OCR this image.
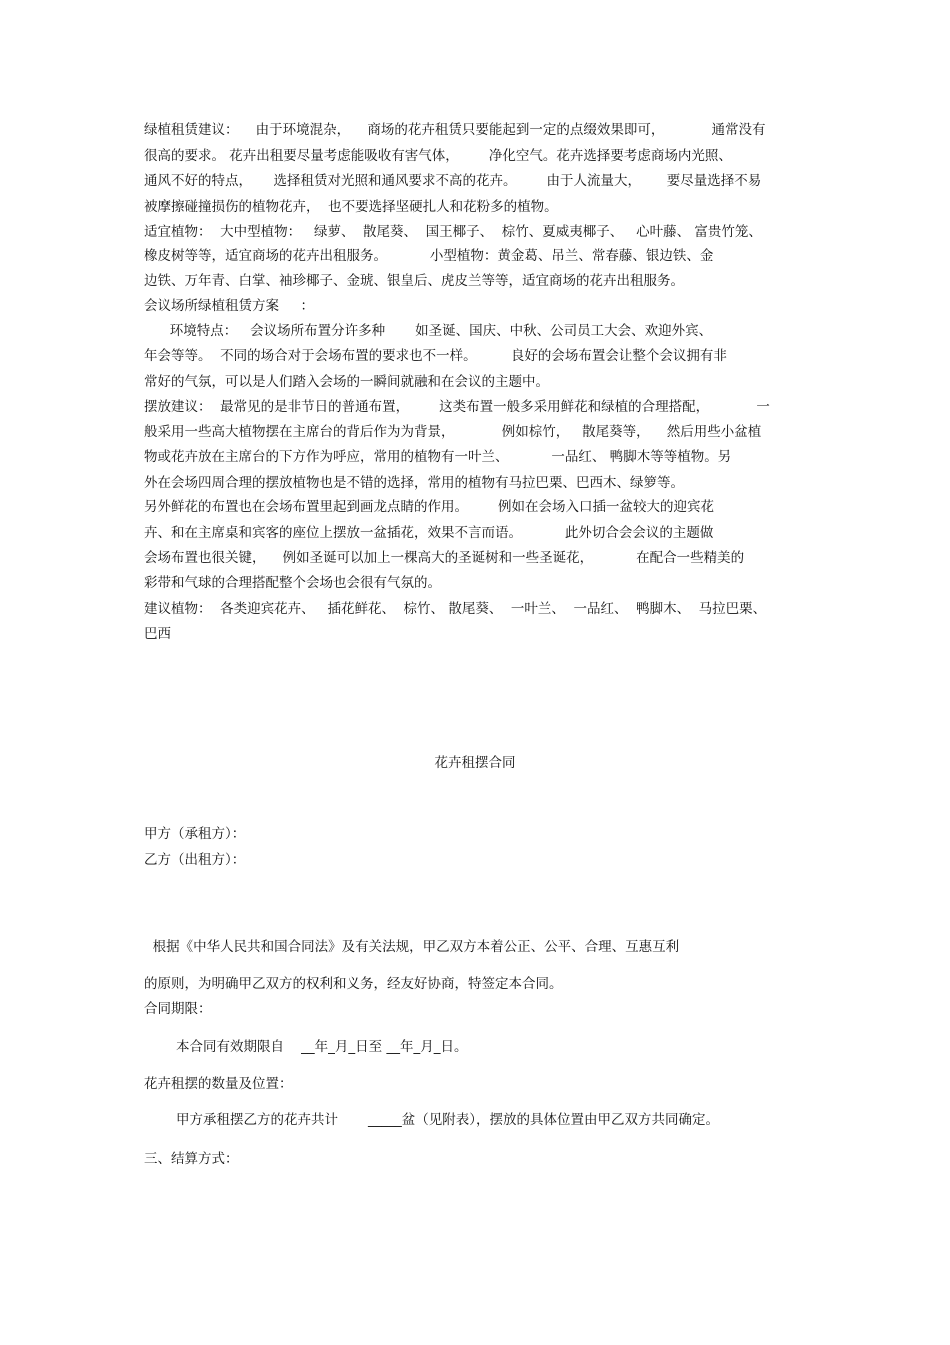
绿植租赁建议：    由于环境混杂，    商场的花卉租赁只要能起到一定的点缀效果即可，           通常没有
很高的要求。 花卉出租要尽量考虑能吸收有害气体，       净化空气。花卉选择要考虑商场内光照、
通风不好的特点，     选择租赁对光照和通风要求不高的花卉。       由于人流量大，      要尽量选择不易
被摩擦碰撞损伤的植物花卉，  也不要选择坚硬扎人和花粉多的植物。
适宜植物：  大中型植物：   绿萝、  散尾葵、  国王椰子、  棕竹、夏威夷椰子、   心叶藤、 富贵竹笼、
橡皮树等等，适宜商场的花卉出租服务。          小型植物：黄金葛、吊兰、常春藤、银边铁、金
边铁、万年青、白掌、袖珍椰子、金琥、银皇后、虎皮兰等等，适宜商场的花卉出租服务。
会议场所绿植租赁方案     ：
环境特点：   会议场所布置分许多种       如圣诞、国庆、中秋、公司员工大会、欢迎外宾、
年会等等。  不同的场合对于会场布置的要求也不一样。        良好的会场布置会让整个会议拥有非
常好的气氛，可以是人们踏入会场的一瞬间就融和在会议的主题中。
摆放建议：  最常见的是非节日的普通布置，       这类布置一般多采用鲜花和绿植的合理搭配，           一
般采用一些高大植物摆在主席台的背后作为为背景，           例如棕竹，   散尾葵等，    然后用些小盆植
物或花卉放在主席台的下方作为呼应，常用的植物有一叶兰、          一品红、 鸭脚木等等植物。另
外在会场四周合理的摆放植物也是不错的选择，常用的植物有马拉巴栗、巴西木、绿箩等。
另外鲜花的布置也在会场布置里起到画龙点睛的作用。       例如在会场入口插一盆较大的迎宾花
卉、和在主席桌和宾客的座位上摆放一盆插花，效果不言而语。          此外切合会会议的主题做
会场布置也很关键，    例如圣诞可以加上一棵高大的圣诞树和一些圣诞花，          在配合一些精美的
彩带和气球的合理搭配整个会场也会很有气氛的。
建议植物：  各类迎宾花卉、   插花鲜花、  棕竹、 散尾葵、  一叶兰、  一品红、  鸭脚木、  马拉巴栗、
巴西
花卉租摆合同
甲方（承租方）：
乙方（出租方）：
根据《中华人民共和国合同法》及有关法规，甲乙双方本着公正、公平、合理、互惠互利
的原则，为明确甲乙双方的权利和义务，经友好协商，特签定本合同。
合同期限：
本合同有效期限自    __年_月_日至 __年_月_日。
花卉租摆的数量及位置：
甲方承租摆乙方的花卉共计       _____盆（见附表），摆放的具体位置由甲乙双方共同确定。
三、结算方式：
